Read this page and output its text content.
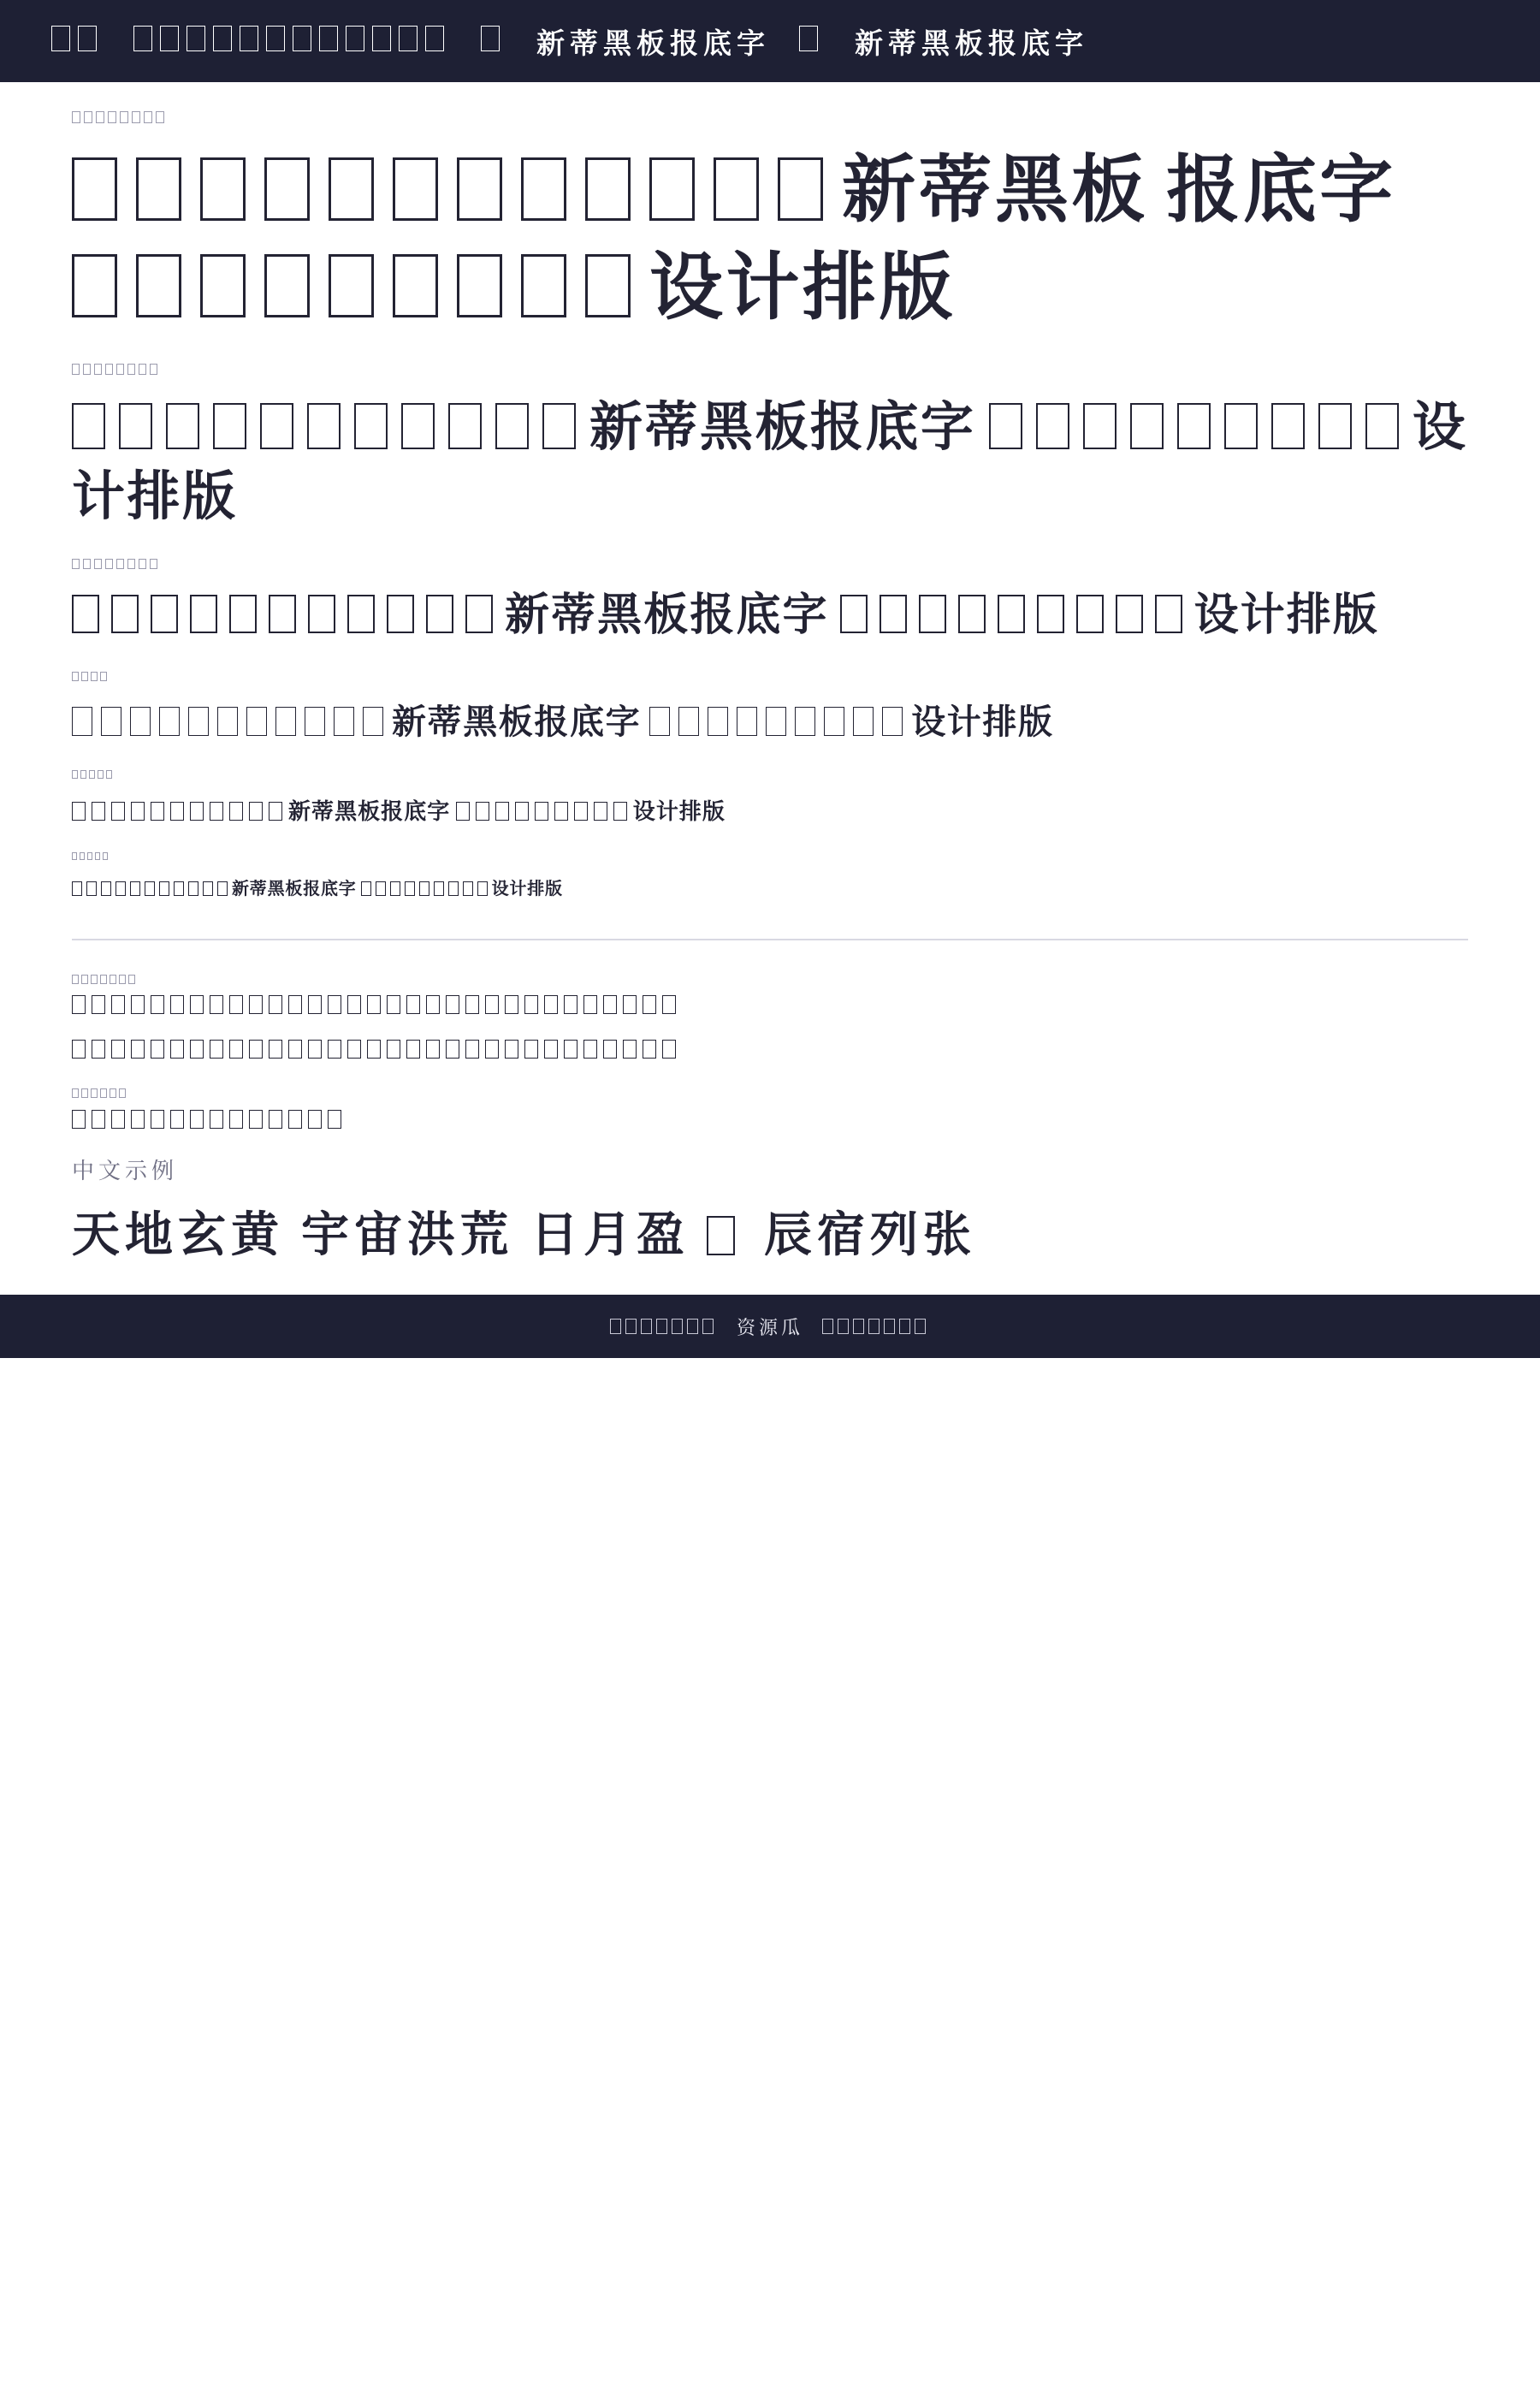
新蒂黑板报底字	新蒂黑板报底字

新蒂黑板 报底字 设计排版

新蒂黑板报底字	设计排版

新蒂黑板报底字	设计排版

新蒂黑板报底字	设计排版

新蒂黑板报底字	设计排版

新蒂黑板报底字	设计排版

中文示例
天地玄黄 宇宙洪荒 日月盈 辰宿列张
资源瓜
